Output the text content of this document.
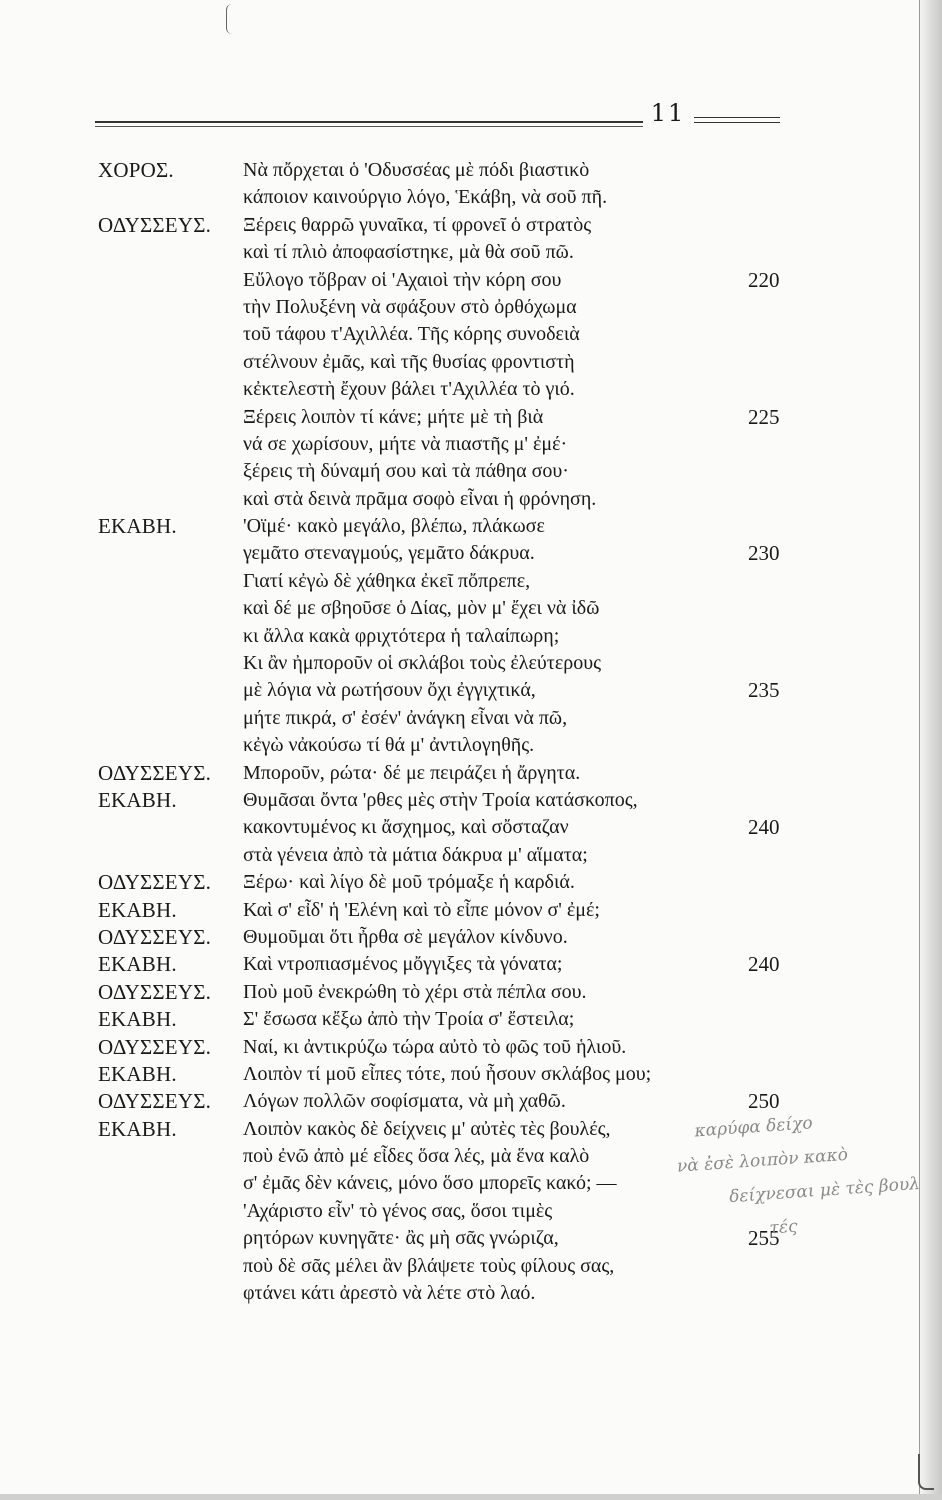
11
ΧΟΡΟΣ.	Νὰ πὄρχεται ὁ 'Οδυσσέας μὲ πόδι βιαστικὸ
κάποιον καινούργιο λόγο, Ἑκάβη, νὰ σοῦ πῆ.
ΟΔΥΣΣΕΥΣ. Ξέρεις θαρρῶ γυναῖκα, τί φρονεῖ ὁ στρατὸς
καὶ τί πλιὸ ἀποφασίστηκε, μὰ θὰ σοῦ πῶ.
Εὔλογο τὄβραν οἱ 'Αχαιοὶ τὴν κόρη σου	220
τὴν Πολυξένη νὰ σφάξουν στὸ ὀρθόχωμα
τοῦ τάφου τ'Αχιλλέα. Τῆς κόρης συνοδειὰ
στέλνουν ἐμᾶς, καὶ τῆς θυσίας φροντιστὴ
κἐκτελεστὴ ἔχουν βάλει τ'Αχιλλέα τὸ γιό.
Ξέρεις λοιπὸν τί κάνε; μήτε μὲ τὴ βιὰ	225
νά σε χωρίσουν, μήτε νὰ πιαστῆς μ' ἐμέ·
ξέρεις τὴ δύναμή σου καὶ τὰ πάθηα σου·
καὶ στὰ δεινὰ πρᾶμα σοφὸ εἶναι ἡ φρόνηση.
ΕΚΑΒΗ.	'Οϊμέ· κακὸ μεγάλο, βλέπω, πλάκωσε
γεμᾶτο στεναγμούς, γεμᾶτο δάκρυα.	230
Γιατί κἐγὼ δὲ χάθηκα ἐκεῖ πὄπρεπε,
καὶ δέ με σβηοῦσε ὁ Δίας, μὸν μ' ἔχει νὰ ἰδῶ
κι ἄλλα κακὰ φριχτότερα ἡ ταλαίπωρη;
Κι ἂν ἠμποροῦν οἱ σκλάβοι τοὺς ἐλεύτερους
μὲ λόγια νὰ ρωτήσουν ὄχι ἐγγιχτικά,	235
μήτε πικρά, σ' ἐσέν' ἀνάγκη εἶναι νὰ πῶ,
κἐγὼ νἀκούσω τί θά μ' ἀντιλογηθῆς.
ΟΔΥΣΣΕΥΣ. Μποροῦν, ρώτα· δέ με πειράζει ἡ ἄργητα.
ΕΚΑΒΗ.	Θυμᾶσαι ὄντα 'ρθες μὲς στὴν Τροία κατάσκοπος,
κακοντυμένος κι ἄσχημος, καὶ σὄσταζαν	240
στὰ γένεια ἀπὸ τὰ μάτια δάκρυα μ' αἵματα;
ΟΔΥΣΣΕΥΣ. Ξέρω· καὶ λίγο δὲ μοῦ τρόμαξε ἡ καρδιά.
ΕΚΑΒΗ.	Καὶ σ' εἶδ' ἡ 'Ελένη καὶ τὸ εἶπε μόνον σ' ἐμέ;
ΟΔΥΣΣΕΥΣ. Θυμοῦμαι ὅτι ἦρθα σὲ μεγάλον κίνδυνο.
ΕΚΑΒΗ.	Καὶ ντροπιασμένος μὄγγιξες τὰ γόνατα;	240
ΟΔΥΣΣΕΥΣ. Ποὺ μοῦ ἐνεκρώθη τὸ χέρι στὰ πέπλα σου.
ΕΚΑΒΗ.	Σ' ἔσωσα κἔξω ἀπὸ τὴν Τροία σ' ἔστειλα;
ΟΔΥΣΣΕΥΣ. Ναί, κι ἀντικρύζω τώρα αὐτὸ τὸ φῶς τοῦ ἡλιοῦ.
ΕΚΑΒΗ.	Λοιπὸν τί μοῦ εἶπες τότε, πού ἦσουν σκλάβος μου;
ΟΔΥΣΣΕΥΣ. Λόγων πολλῶν σοφίσματα, νὰ μὴ χαθῶ.	250
ΕΚΑΒΗ.	Λοιπὸν κακὸς δὲ δείχνεις μ' αὐτὲς τὲς βουλές,
ποὺ ἐνῶ ἀπὸ μέ εἶδες ὅσα λές, μὰ ἕνα καλὸ
σ' ἐμᾶς δὲν κάνεις, μόνο ὅσο μπορεῖς κακό; —
'Αχάριστο εἶν' τὸ γένος σας, ὅσοι τιμὲς
ρητόρων κυνηγᾶτε· ἂς μὴ σᾶς γνώριζα,	255
ποὺ δὲ σᾶς μέλει ἂν βλάψετε τοὺς φίλους σας,
φτάνει κάτι ἀρεστὸ νὰ λέτε στὸ λαό.
καρύφα δείχο
νὰ ἐσὲ λοιπὸν κακὸ
δείχνεσαι μὲ τὲς βουλ
τές
